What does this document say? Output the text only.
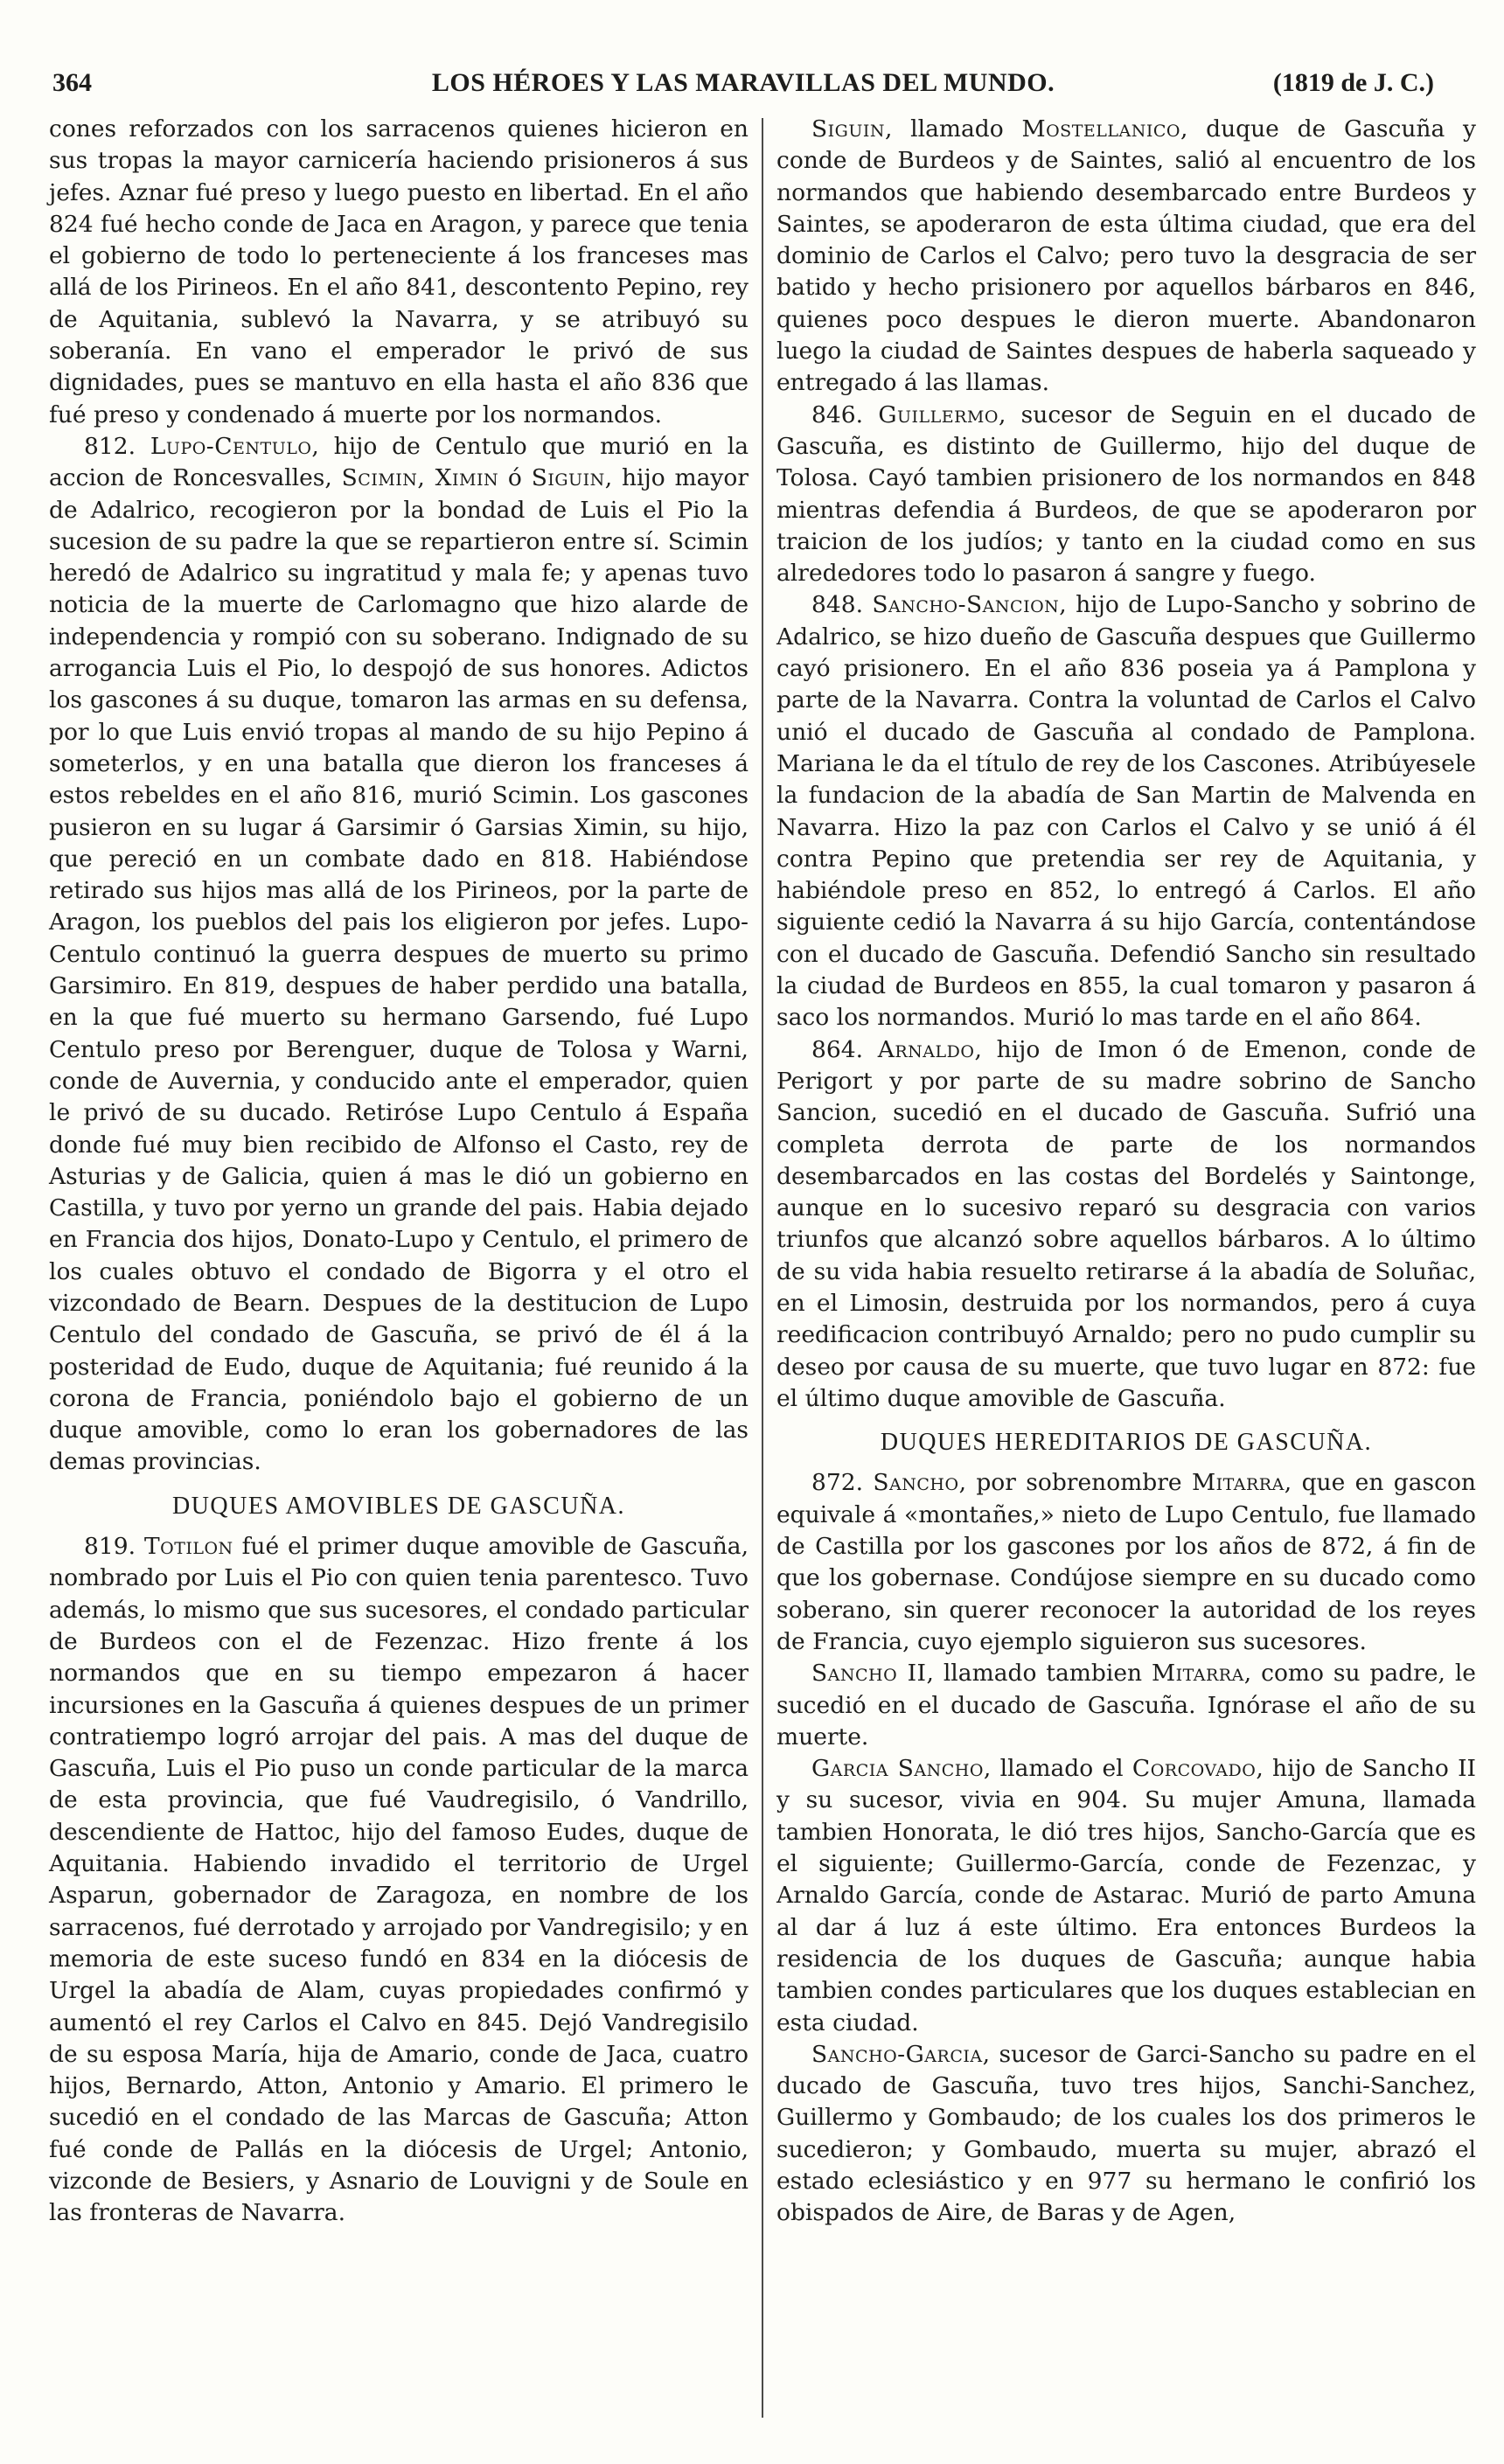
364	LOS HÉROES Y LAS MARAVILLAS DEL MUNDO.	(1819 de J. C.)

cones reforzados con los sarracenos quienes hicieron en sus tropas la mayor carnicería haciendo prisioneros á sus jefes. Aznar fué preso y luego puesto en libertad. En el año 824 fué hecho conde de Jaca en Aragon, y parece que tenia el gobierno de todo lo perteneciente á los franceses mas allá de los Pirineos. En el año 841, descontento Pepino, rey de Aquitania, sublevó la Navarra, y se atribuyó su soberanía. En vano el emperador le privó de sus dignidades, pues se mantuvo en ella hasta el año 836 que fué preso y condenado á muerte por los normandos.

812. Lupo-Centulo, hijo de Centulo que murió en la accion de Roncesvalles, Scimin, Ximin ó Siguin, hijo mayor de Adalrico, recogieron por la bondad de Luis el Pio la sucesion de su padre la que se repartieron entre sí. Scimin heredó de Adalrico su ingratitud y mala fe; y apenas tuvo noticia de la muerte de Carlomagno que hizo alarde de independencia y rompió con su soberano. Indignado de su arrogancia Luis el Pio, lo despojó de sus honores. Adictos los gascones á su duque, tomaron las armas en su defensa, por lo que Luis envió tropas al mando de su hijo Pepino á someterlos, y en una batalla que dieron los franceses á estos rebeldes en el año 816, murió Scimin. Los gascones pusieron en su lugar á Garsimir ó Garsias Ximin, su hijo, que pereció en un combate dado en 818. Habiéndose retirado sus hijos mas allá de los Pirineos, por la parte de Aragon, los pueblos del pais los eligieron por jefes. Lupo-Centulo continuó la guerra despues de muerto su primo Garsimiro. En 819, despues de haber perdido una batalla, en la que fué muerto su hermano Garsendo, fué Lupo Centulo preso por Berenguer, duque de Tolosa y Warni, conde de Auvernia, y conducido ante el emperador, quien le privó de su ducado. Retiróse Lupo Centulo á España donde fué muy bien recibido de Alfonso el Casto, rey de Asturias y de Galicia, quien á mas le dió un gobierno en Castilla, y tuvo por yerno un grande del pais. Habia dejado en Francia dos hijos, Donato-Lupo y Centulo, el primero de los cuales obtuvo el condado de Bigorra y el otro el vizcondado de Bearn. Despues de la destitucion de Lupo Centulo del condado de Gascuña, se privó de él á la posteridad de Eudo, duque de Aquitania; fué reunido á la corona de Francia, poniéndolo bajo el gobierno de un duque amovible, como lo eran los gobernadores de las demas provincias.

DUQUES AMOVIBLES DE GASCUÑA.

819. Totilon fué el primer duque amovible de Gascuña, nombrado por Luis el Pio con quien tenia parentesco. Tuvo además, lo mismo que sus sucesores, el condado particular de Burdeos con el de Fezenzac. Hizo frente á los normandos que en su tiempo empezaron á hacer incursiones en la Gascuña á quienes despues de un primer contratiempo logró arrojar del pais. A mas del duque de Gascuña, Luis el Pio puso un conde particular de la marca de esta provincia, que fué Vaudregisilo, ó Vandrillo, descendiente de Hattoc, hijo del famoso Eudes, duque de Aquitania. Habiendo invadido el territorio de Urgel Asparun, gobernador de Zaragoza, en nombre de los sarracenos, fué derrotado y arrojado por Vandregisilo; y en memoria de este suceso fundó en 834 en la diócesis de Urgel la abadía de Alam, cuyas propiedades confirmó y aumentó el rey Carlos el Calvo en 845. Dejó Vandregisilo de su esposa María, hija de Amario, conde de Jaca, cuatro hijos, Bernardo, Atton, Antonio y Amario. El primero le sucedió en el condado de las Marcas de Gascuña; Atton fué conde de Pallás en la diócesis de Urgel; Antonio, vizconde de Besiers, y Asnario de Louvigni y de Soule en las fronteras de Navarra.

Siguin, llamado Mostellanico, duque de Gascuña y conde de Burdeos y de Saintes, salió al encuentro de los normandos que habiendo desembarcado entre Burdeos y Saintes, se apoderaron de esta última ciudad, que era del dominio de Carlos el Calvo; pero tuvo la desgracia de ser batido y hecho prisionero por aquellos bárbaros en 846, quienes poco despues le dieron muerte. Abandonaron luego la ciudad de Saintes despues de haberla saqueado y entregado á las llamas.

846. Guillermo, sucesor de Seguin en el ducado de Gascuña, es distinto de Guillermo, hijo del duque de Tolosa. Cayó tambien prisionero de los normandos en 848 mientras defendia á Burdeos, de que se apoderaron por traicion de los judíos; y tanto en la ciudad como en sus alrededores todo lo pasaron á sangre y fuego.

848. Sancho-Sancion, hijo de Lupo-Sancho y sobrino de Adalrico, se hizo dueño de Gascuña despues que Guillermo cayó prisionero. En el año 836 poseia ya á Pamplona y parte de la Navarra. Contra la voluntad de Carlos el Calvo unió el ducado de Gascuña al condado de Pamplona. Mariana le da el título de rey de los Cascones. Atribúyesele la fundacion de la abadía de San Martin de Malvenda en Navarra. Hizo la paz con Carlos el Calvo y se unió á él contra Pepino que pretendia ser rey de Aquitania, y habiéndole preso en 852, lo entregó á Carlos. El año siguiente cedió la Navarra á su hijo García, contentándose con el ducado de Gascuña. Defendió Sancho sin resultado la ciudad de Burdeos en 855, la cual tomaron y pasaron á saco los normandos. Murió lo mas tarde en el año 864.

864. Arnaldo, hijo de Imon ó de Emenon, conde de Perigort y por parte de su madre sobrino de Sancho Sancion, sucedió en el ducado de Gascuña. Sufrió una completa derrota de parte de los normandos desembarcados en las costas del Bordelés y Saintonge, aunque en lo sucesivo reparó su desgracia con varios triunfos que alcanzó sobre aquellos bárbaros. A lo último de su vida habia resuelto retirarse á la abadía de Soluñac, en el Limosin, destruida por los normandos, pero á cuya reedificacion contribuyó Arnaldo; pero no pudo cumplir su deseo por causa de su muerte, que tuvo lugar en 872: fue el último duque amovible de Gascuña.

DUQUES HEREDITARIOS DE GASCUÑA.

872. Sancho, por sobrenombre Mitarra, que en gascon equivale á «montañes,» nieto de Lupo Centulo, fue llamado de Castilla por los gascones por los años de 872, á fin de que los gobernase. Condújose siempre en su ducado como soberano, sin querer reconocer la autoridad de los reyes de Francia, cuyo ejemplo siguieron sus sucesores.

Sancho II, llamado tambien Mitarra, como su padre, le sucedió en el ducado de Gascuña. Ignórase el año de su muerte.

Garcia Sancho, llamado el Corcovado, hijo de Sancho II y su sucesor, vivia en 904. Su mujer Amuna, llamada tambien Honorata, le dió tres hijos, Sancho-García que es el siguiente; Guillermo-García, conde de Fezenzac, y Arnaldo García, conde de Astarac. Murió de parto Amuna al dar á luz á este último. Era entonces Burdeos la residencia de los duques de Gascuña; aunque habia tambien condes particulares que los duques establecian en esta ciudad.

Sancho-Garcia, sucesor de Garci-Sancho su padre en el ducado de Gascuña, tuvo tres hijos, Sanchi-Sanchez, Guillermo y Gombaudo; de los cuales los dos primeros le sucedieron; y Gombaudo, muerta su mujer, abrazó el estado eclesiástico y en 977 su hermano le confirió los obispados de Aire, de Baras y de Agen,
